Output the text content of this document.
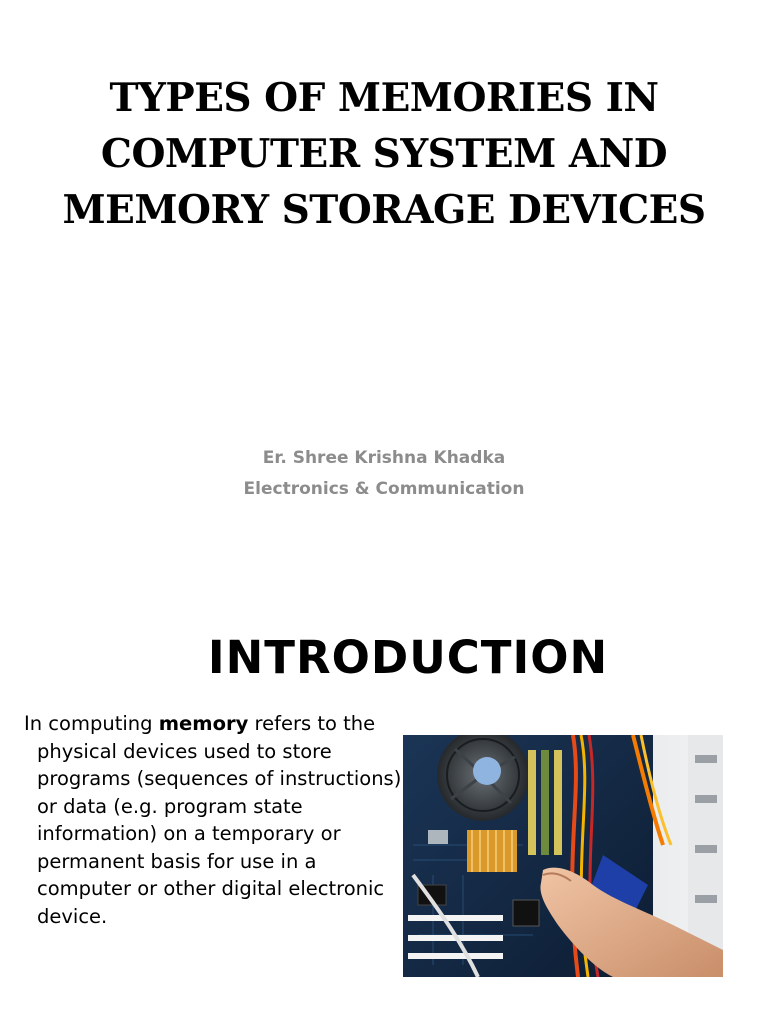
TYPES OF MEMORIES IN
COMPUTER SYSTEM AND
MEMORY STORAGE DEVICES
Er. Shree Krishna Khadka
Electronics & Communication
INTRODUCTION
In computing memory refers to the physical devices used to store programs (sequences of instructions) or data (e.g. program state information) on a temporary or permanent basis for use in a computer or other digital electronic device.
